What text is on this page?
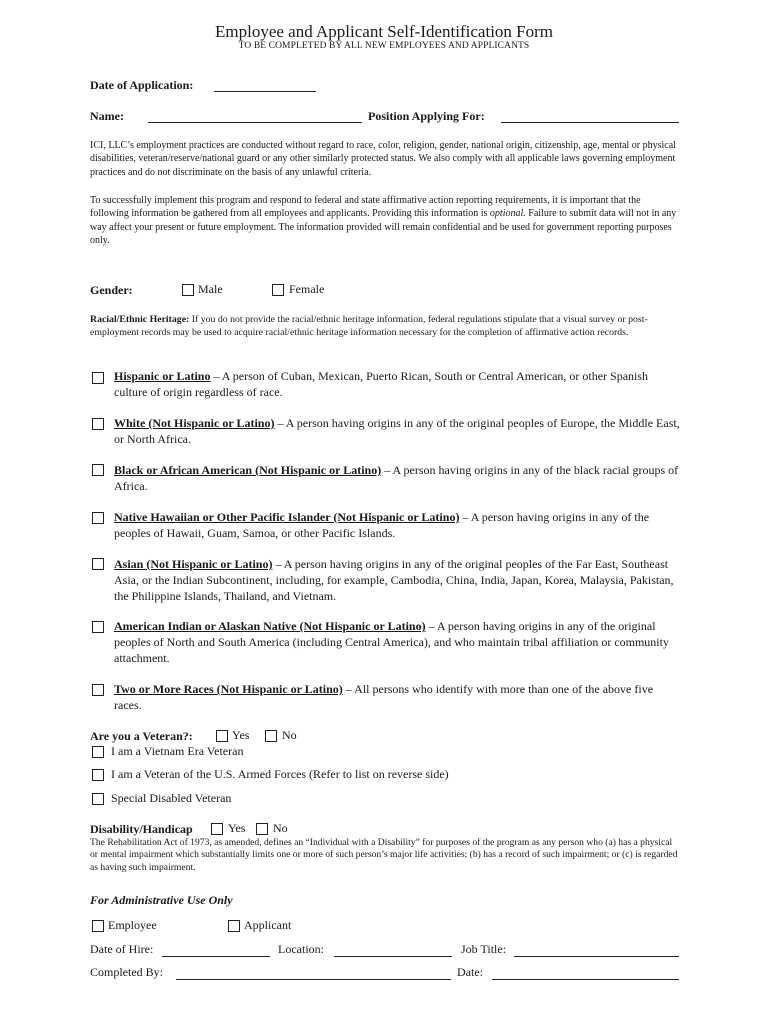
Employee and Applicant Self-Identification Form
TO BE COMPLETED BY ALL NEW EMPLOYEES AND APPLICANTS
Date of Application:
Name:	Position Applying For:
ICI, LLC’s employment practices are conducted without regard to race, color, religion, gender, national origin, citizenship, age, mental or physical disabilities, veteran/reserve/national guard or any other similarly protected status. We also comply with all applicable laws governing employment practices and do not discriminate on the basis of any unlawful criteria.
To successfully implement this program and respond to federal and state affirmative action reporting requirements, it is important that the following information be gathered from all employees and applicants. Providing this information is optional. Failure to submit data will not in any way affect your present or future employment. The information provided will remain confidential and be used for government reporting purposes only.
Gender:	Male	Female
Racial/Ethnic Heritage: If you do not provide the racial/ethnic heritage information, federal regulations stipulate that a visual survey or post-employment records may be used to acquire racial/ethnic heritage information necessary for the completion of affirmative action records.
Hispanic or Latino – A person of Cuban, Mexican, Puerto Rican, South or Central American, or other Spanish culture of origin regardless of race.
White (Not Hispanic or Latino) – A person having origins in any of the original peoples of Europe, the Middle East, or North Africa.
Black or African American (Not Hispanic or Latino) – A person having origins in any of the black racial groups of Africa.
Native Hawaiian or Other Pacific Islander (Not Hispanic or Latino) – A person having origins in any of the peoples of Hawaii, Guam, Samoa, or other Pacific Islands.
Asian (Not Hispanic or Latino) – A person having origins in any of the original peoples of the Far East, Southeast Asia, or the Indian Subcontinent, including, for example, Cambodia, China, India, Japan, Korea, Malaysia, Pakistan, the Philippine Islands, Thailand, and Vietnam.
American Indian or Alaskan Native (Not Hispanic or Latino) – A person having origins in any of the original peoples of North and South America (including Central America), and who maintain tribal affiliation or community attachment.
Two or More Races (Not Hispanic or Latino) – All persons who identify with more than one of the above five races.
Are you a Veteran?:	Yes	No
I am a Vietnam Era Veteran
I am a Veteran of the U.S. Armed Forces (Refer to list on reverse side)
Special Disabled Veteran
Disability/Handicap	Yes No
The Rehabilitation Act of 1973, as amended, defines an “Individual with a Disability” for purposes of the program as any person who (a) has a physical or mental impairment which substantially limits one or more of such person’s major life activities; (b) has a record of such impairment; or (c) is regarded as having such impairment.
For Administrative Use Only
Employee	Applicant
Date of Hire:	Location:	Job Title:
Completed By:	Date:
